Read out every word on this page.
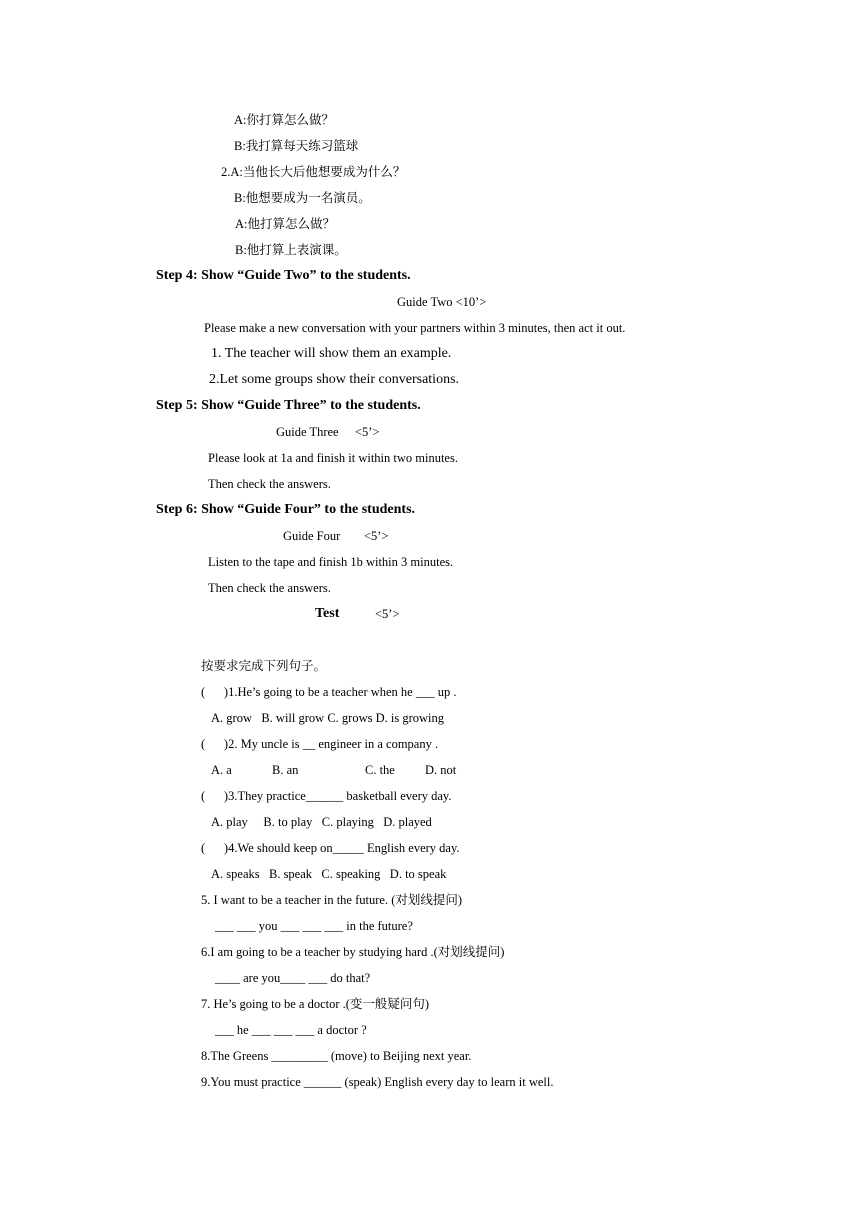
A:你打算怎么做？
B:我打算每天练习篮球
2.A:当他长大后他想要成为什么？
B:他想要成为一名演员。
A:他打算怎么做？
B:他打算上表演课。
Step 4: Show “Guide Two” to the students.
Guide Two <10’>
Please make a new conversation with your partners within 3 minutes, then act it out.
1. The teacher will show them an example.
2.Let some groups show their conversations.
Step 5: Show “Guide Three” to the students.
Guide Three <5’>
Please look at 1a and finish it within two minutes.
Then check the answers.
Step 6: Show “Guide Four” to the students.
Guide Four <5’>
Listen to the tape and finish 1b within 3 minutes.
Then check the answers.
Test	<5’>
按要求完成下列句子。
(      )1.He’s going to be a teacher when he ___ up .
A. grow   B. will grow C. grows D. is growing
(      )2. My uncle is __ engineer in a company .
A. a	B. an	C. the D. not
(      )3.They practice______ basketball every day.
A. play     B. to play   C. playing   D. played
(      )4.We should keep on_____ English every day.
A. speaks   B. speak   C. speaking   D. to speak
5. I want to be a teacher in the future. (对划线提问)
___ ___ you ___ ___ ___ in the future?
6.I am going to be a teacher by studying hard .(对划线提问)
____ are you____ ___ do that?
7. He’s going to be a doctor .(变一般疑问句)
___ he ___ ___ ___ a doctor ?
8.The Greens _________ (move) to Beijing next year.
9.You must practice ______ (speak) English every day to learn it well.
